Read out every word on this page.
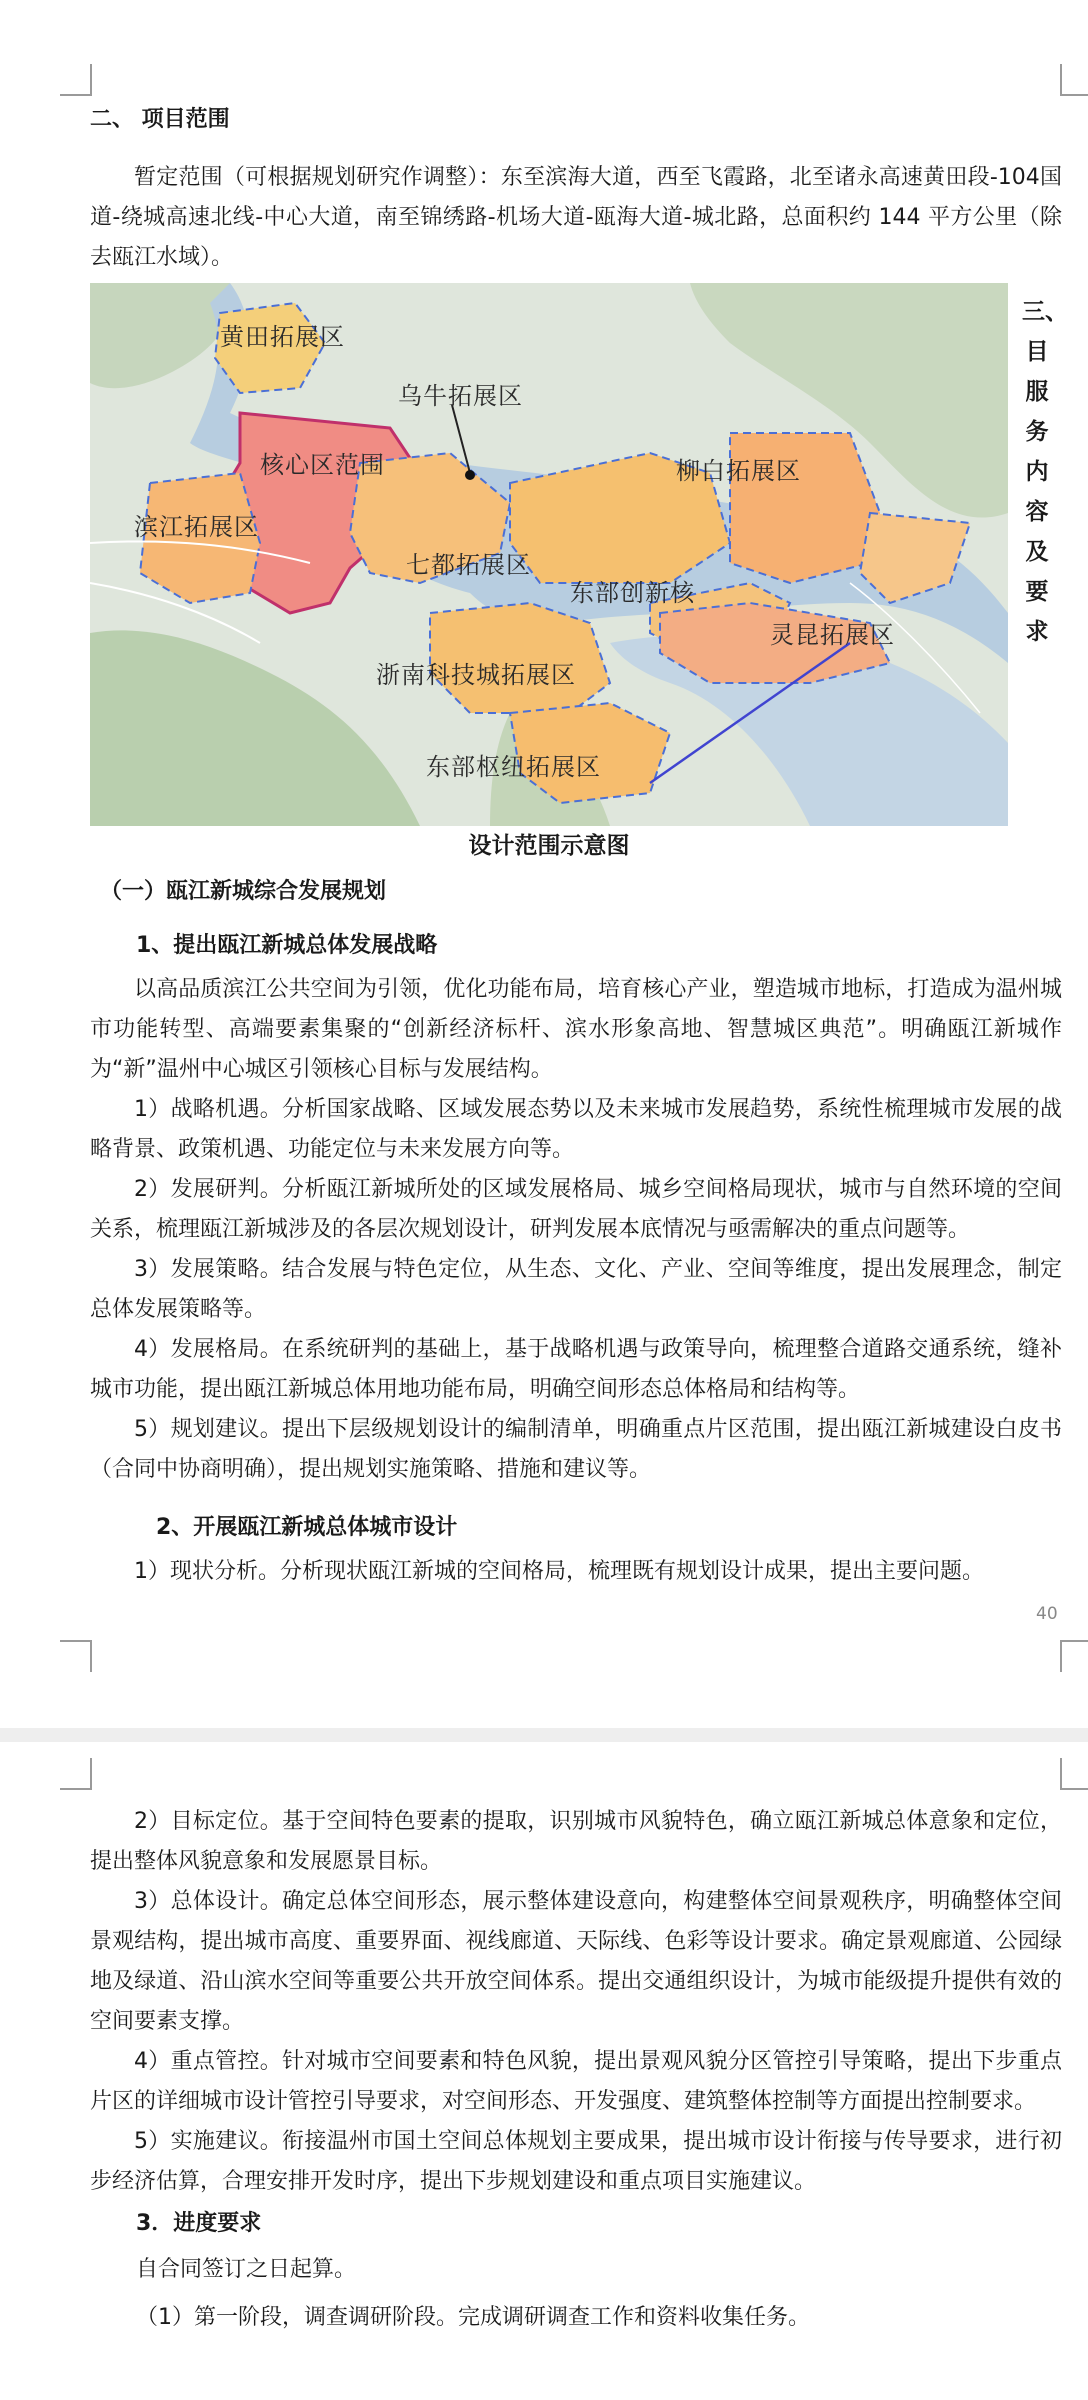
二、 项目范围
暂定范围（可根据规划研究作调整）：东至滨海大道，西至飞霞路，北至诸永高速黄田段-104国道-绕城高速北线-中心大道，南至锦绣路-机场大道-瓯海大道-城北路，总面积约 144 平方公里（除去瓯江水域）。
黄田拓展区
乌牛拓展区
核心区范围	柳白拓展区
滨江拓展区
七都拓展区
东部创新核
灵昆拓展区
浙南科技城拓展区
东部枢纽拓展区
三、
目
服
务
内
容
及
要
求
设计范围示意图
（一）瓯江新城综合发展规划
1、提出瓯江新城总体发展战略
以高品质滨江公共空间为引领，优化功能布局，培育核心产业，塑造城市地标，打造成为温州城市功能转型、高端要素集聚的“创新经济标杆、滨水形象高地、智慧城区典范”。明确瓯江新城作为“新”温州中心城区引领核心目标与发展结构。
1）战略机遇。分析国家战略、区域发展态势以及未来城市发展趋势，系统性梳理城市发展的战略背景、政策机遇、功能定位与未来发展方向等。
2）发展研判。分析瓯江新城所处的区域发展格局、城乡空间格局现状，城市与自然环境的空间关系，梳理瓯江新城涉及的各层次规划设计，研判发展本底情况与亟需解决的重点问题等。
3）发展策略。结合发展与特色定位，从生态、文化、产业、空间等维度，提出发展理念，制定总体发展策略等。
4）发展格局。在系统研判的基础上，基于战略机遇与政策导向，梳理整合道路交通系统，缝补城市功能，提出瓯江新城总体用地功能布局，明确空间形态总体格局和结构等。
5）规划建议。提出下层级规划设计的编制清单，明确重点片区范围，提出瓯江新城建设白皮书（合同中协商明确），提出规划实施策略、措施和建议等。
2、开展瓯江新城总体城市设计
1）现状分析。分析现状瓯江新城的空间格局，梳理既有规划设计成果，提出主要问题。
40
2）目标定位。基于空间特色要素的提取，识别城市风貌特色，确立瓯江新城总体意象和定位，提出整体风貌意象和发展愿景目标。
3）总体设计。确定总体空间形态，展示整体建设意向，构建整体空间景观秩序，明确整体空间景观结构，提出城市高度、重要界面、视线廊道、天际线、色彩等设计要求。确定景观廊道、公园绿地及绿道、沿山滨水空间等重要公共开放空间体系。提出交通组织设计，为城市能级提升提供有效的空间要素支撑。
4）重点管控。针对城市空间要素和特色风貌，提出景观风貌分区管控引导策略，提出下步重点片区的详细城市设计管控引导要求，对空间形态、开发强度、建筑整体控制等方面提出控制要求。
5）实施建议。衔接温州市国土空间总体规划主要成果，提出城市设计衔接与传导要求，进行初步经济估算，合理安排开发时序，提出下步规划建设和重点项目实施建议。
3．进度要求
自合同签订之日起算。
（1）第一阶段，调查调研阶段。完成调研调查工作和资料收集任务。
